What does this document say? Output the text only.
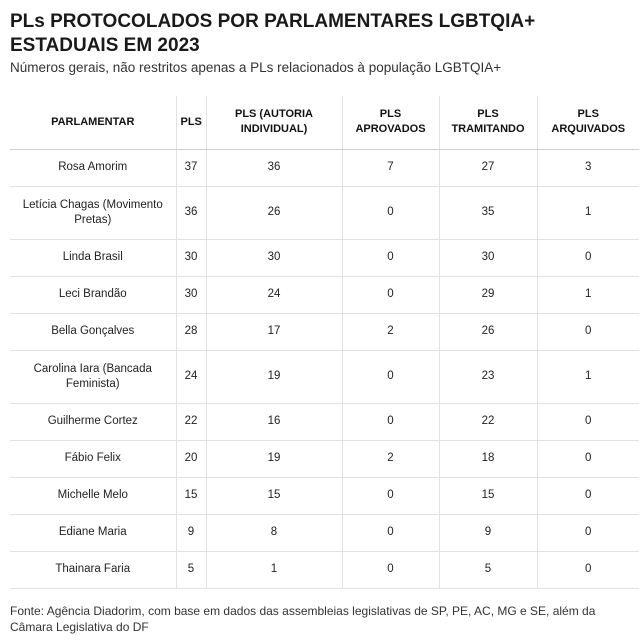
PLs PROTOCOLADOS POR PARLAMENTARES LGBTQIA+ ESTADUAIS EM 2023
Números gerais, não restritos apenas a PLs relacionados à população LGBTQIA+
PARLAMENTAR	PLS	PLS (AUTORIA INDIVIDUAL)	PLS APROVADOS	PLS TRAMITANDO	PLS ARQUIVADOS
Rosa Amorim	37	36	7	27	3
Letícia Chagas (Movimento Pretas)	36	26	0	35	1
Linda Brasil	30	30	0	30	0
Leci Brandão	30	24	0	29	1
Bella Gonçalves	28	17	2	26	0
Carolina Iara (Bancada Feminista)	24	19	0	23	1
Guilherme Cortez	22	16	0	22	0
Fábio Felix	20	19	2	18	0
Michelle Melo	15	15	0	15	0
Ediane Maria	9	8	0	9	0
Thainara Faria	5	1	0	5	0
Fonte: Agência Diadorim, com base em dados das assembleias legislativas de SP, PE, AC, MG e SE, além da Câmara Legislativa do DF
